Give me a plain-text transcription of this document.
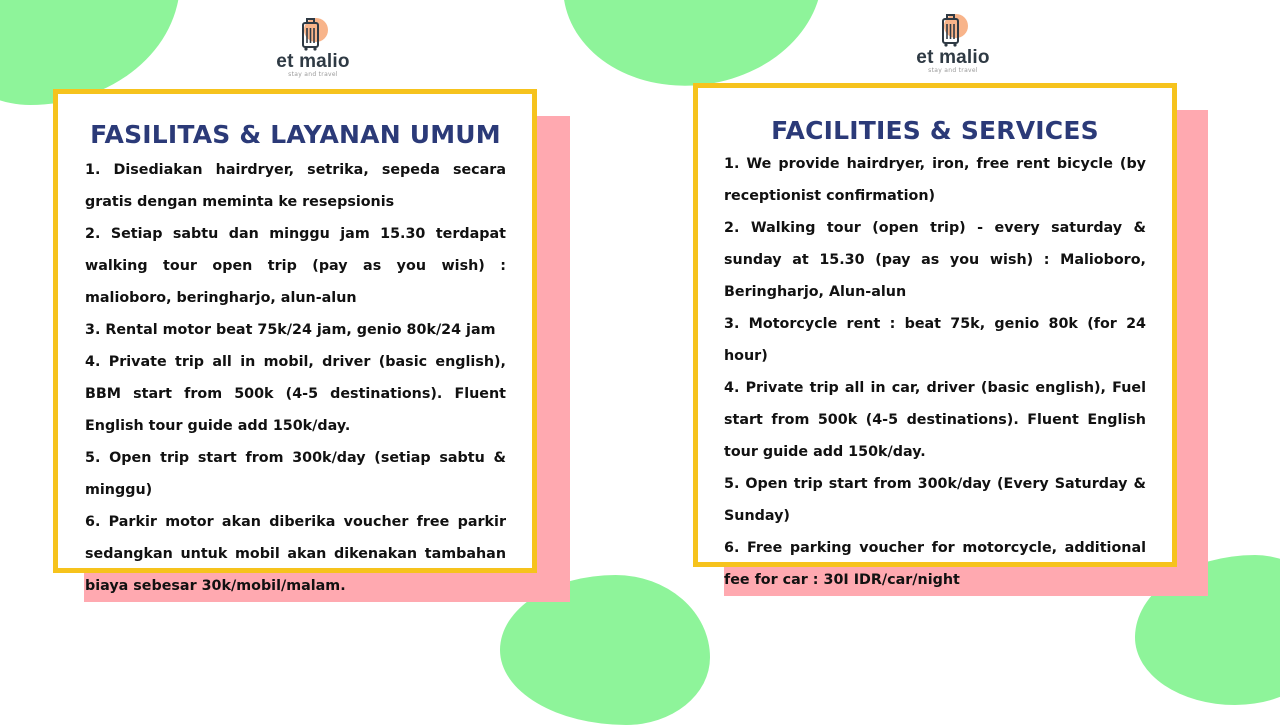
et malio
stay and travel
et malio
stay and travel
FASILITAS & LAYANAN UMUM
1. Disediakan hairdryer, setrika, sepeda secara gratis dengan meminta ke resepsionis
2. Setiap sabtu dan minggu jam 15.30 terdapat walking tour open trip (pay as you wish) : malioboro, beringharjo, alun-alun
3. Rental motor beat 75k/24 jam, genio 80k/24 jam
4. Private trip all in mobil, driver (basic english), BBM start from 500k (4-5 destinations). Fluent English tour guide add 150k/day.
5. Open trip start from 300k/day (setiap sabtu & minggu)
6. Parkir motor akan diberika voucher free parkir sedangkan untuk mobil akan dikenakan tambahan biaya sebesar 30k/mobil/malam.
FACILITIES & SERVICES
1. We provide hairdryer, iron, free rent bicycle (by receptionist confirmation)
2. Walking tour (open trip) - every saturday & sunday at 15.30 (pay as you wish) : Malioboro, Beringharjo, Alun-alun
3. Motorcycle rent : beat 75k, genio 80k (for 24 hour)
4. Private trip all in car, driver (basic english), Fuel start from 500k (4-5 destinations). Fluent English tour guide add 150k/day.
5. Open trip start from 300k/day (Every Saturday & Sunday)
6. Free parking voucher for motorcycle, additional fee for car : 30I IDR/car/night
